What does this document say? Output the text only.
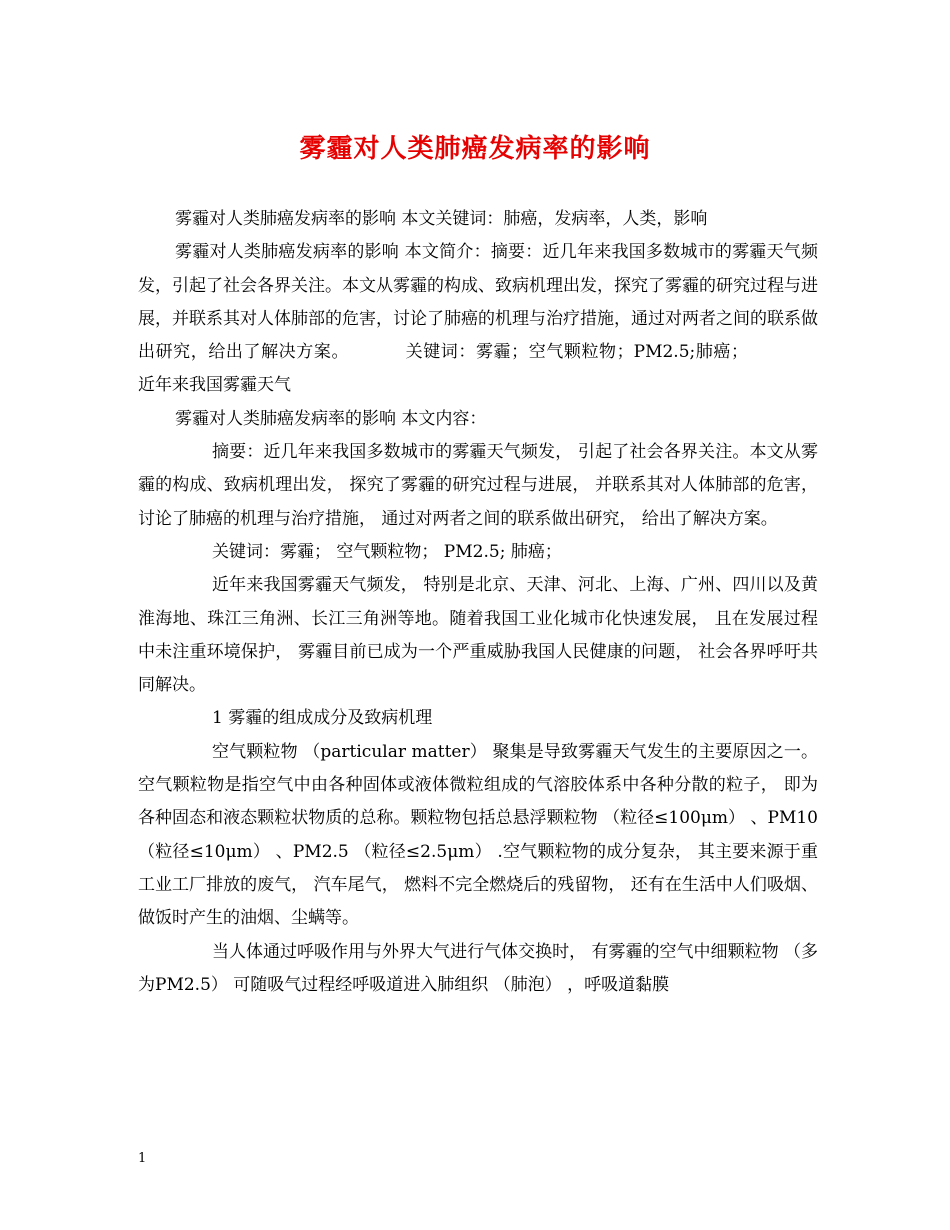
雾霾对人类肺癌发病率的影响

雾霾对人类肺癌发病率的影响 本文关键词：肺癌，发病率，人类，影响

雾霾对人类肺癌发病率的影响 本文简介：摘要：近几年来我国多数城市的雾霾天气频发，引起了社会各界关注。本文从雾霾的构成、致病机理出发，探究了雾霾的研究过程与进展，并联系其对人体肺部的危害，讨论了肺癌的机理与治疗措施，通过对两者之间的联系做出研究，给出了解决方案。	关键词：雾霾；空气颗粒物；PM2.5;肺癌；近年来我国雾霾天气

雾霾对人类肺癌发病率的影响 本文内容：

摘要：近几年来我国多数城市的雾霾天气频发， 引起了社会各界关注。本文从雾霾的构成、致病机理出发， 探究了雾霾的研究过程与进展， 并联系其对人体肺部的危害， 讨论了肺癌的机理与治疗措施， 通过对两者之间的联系做出研究， 给出了解决方案。

关键词：雾霾； 空气颗粒物； PM2.5; 肺癌；

近年来我国雾霾天气频发， 特别是北京、天津、河北、上海、广州、四川以及黄淮海地、珠江三角洲、长江三角洲等地。随着我国工业化城市化快速发展， 且在发展过程中未注重环境保护， 雾霾目前已成为一个严重威胁我国人民健康的问题， 社会各界呼吁共同解决。

1 雾霾的组成成分及致病机理

空气颗粒物 （particular matter） 聚集是导致雾霾天气发生的主要原因之一。空气颗粒物是指空气中由各种固体或液体微粒组成的气溶胶体系中各种分散的粒子， 即为各种固态和液态颗粒状物质的总称。颗粒物包括总悬浮颗粒物 （粒径≤100μm） 、PM10 （粒径≤10μm） 、PM2.5 （粒径≤2.5μm） .空气颗粒物的成分复杂， 其主要来源于重工业工厂排放的废气， 汽车尾气， 燃料不完全燃烧后的残留物， 还有在生活中人们吸烟、做饭时产生的油烟、尘螨等。

当人体通过呼吸作用与外界大气进行气体交换时， 有雾霾的空气中细颗粒物 （多为PM2.5） 可随吸气过程经呼吸道进入肺组织 （肺泡） ，呼吸道黏膜

1
